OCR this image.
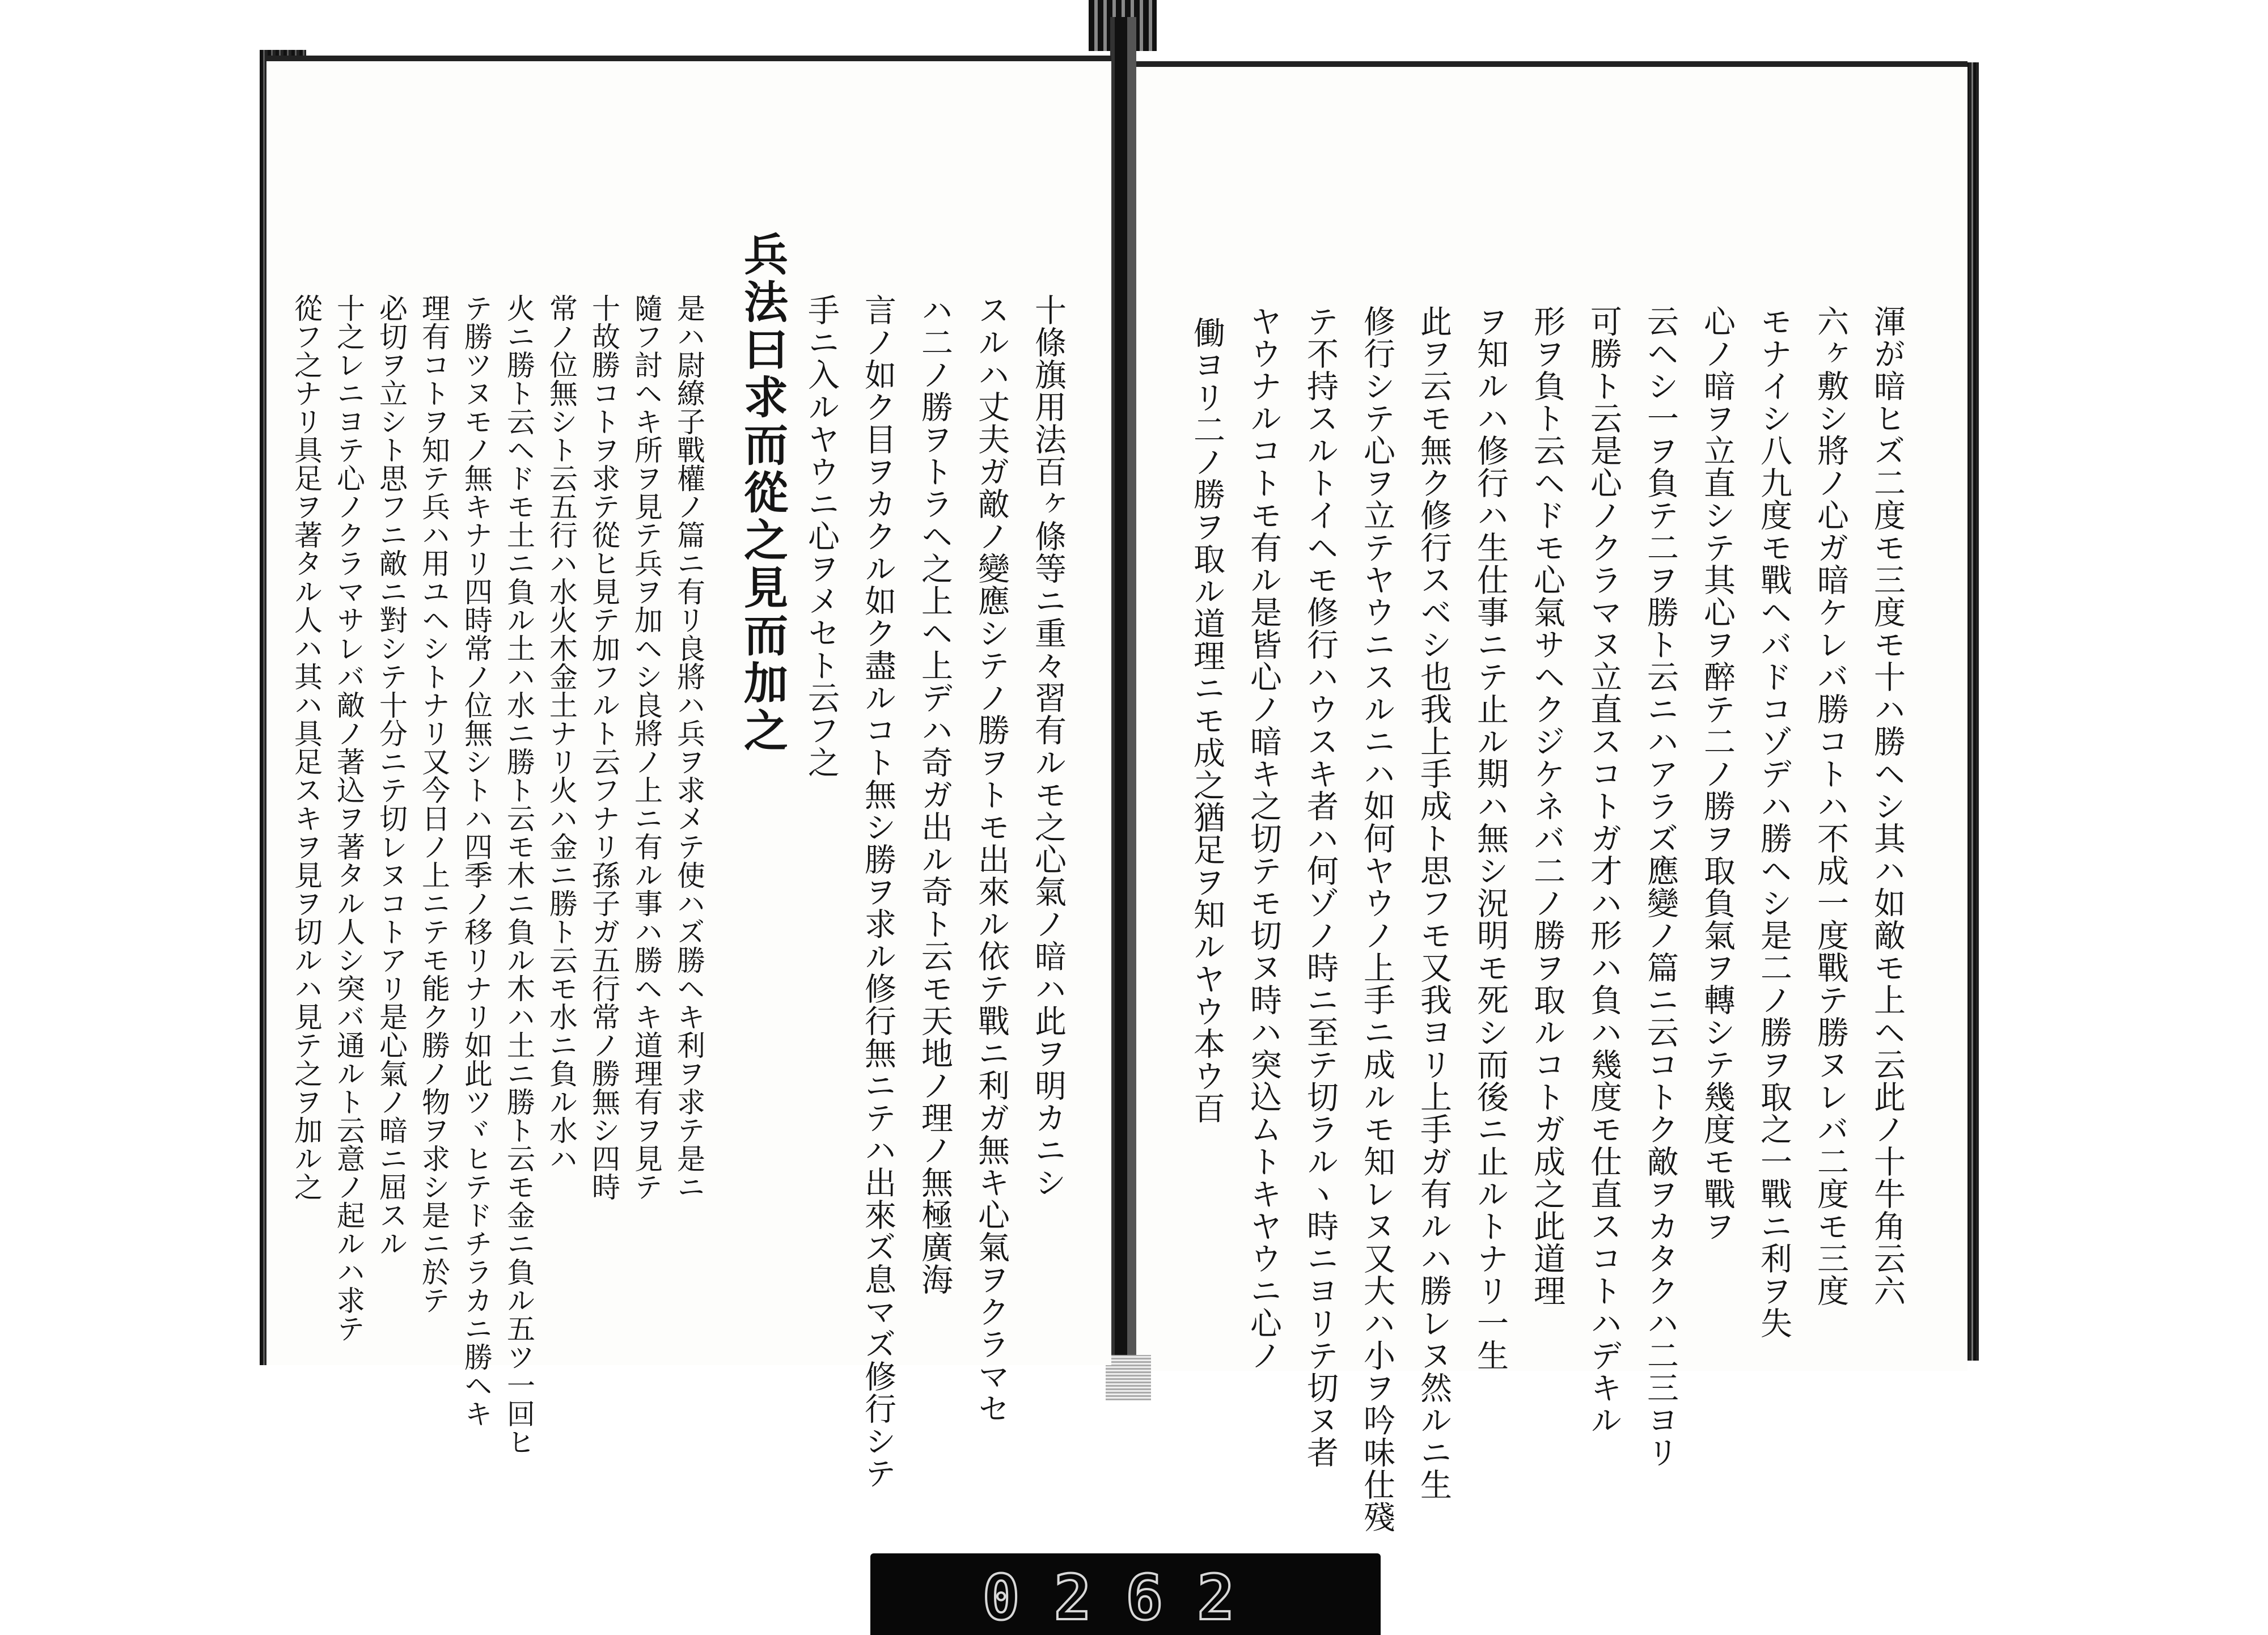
渾が暗ヒズ二度モ三度モ十ハ勝ヘシ其ハ如敵モ上ヘ云此ノ十牛角云六
六ヶ敷シ將ノ心ガ暗ケレバ勝コトハ不成一度戰テ勝ヌレバ二度モ三度
モナイシ八九度モ戰ヘバドコゾデハ勝ヘシ是二ノ勝ヲ取之一戰ニ利ヲ失
心ノ暗ヲ立直シテ其心ヲ醉テ二ノ勝ヲ取負氣ヲ轉シテ幾度モ戰ヲ
云ヘシ一ヲ負テ二ヲ勝ト云ニハアラズ應變ノ篇ニ云コトク敵ヲカタクハ二三ヨリ
可勝ト云是心ノクラマヌ立直スコトガ才ハ形ハ負ハ幾度モ仕直スコトハデキル
形ヲ負ト云ヘドモ心氣サヘクジケネバ二ノ勝ヲ取ルコトガ成之此道理
ヲ知ルハ修行ハ生仕事ニテ止ル期ハ無シ況明モ死シ而後ニ止ルトナリ一生
此ヲ云モ無ク修行スベシ也我上手成ト思フモ又我ヨリ上手ガ有ルハ勝レヌ然ルニ生
修行シテ心ヲ立テヤウニスルニハ如何ヤウノ上手ニ成ルモ知レヌ又大ハ小ヲ吟味仕殘
テ不持スルトイヘモ修行ハウスキ者ハ何ゾノ時ニ至テ切ラルヽ時ニヨリテ切ヌ者
ヤウナルコトモ有ル是皆心ノ暗キ之切テモ切ヌ時ハ突込ムトキヤウニ心ノ
働ヨリ二ノ勝ヲ取ル道理ニモ成之猶足ヲ知ルヤウ本ウ百
十條旗用法百ヶ條等ニ重々習有ルモ之心氣ノ暗ハ此ヲ明カニシ
スルハ丈夫ガ敵ノ變應シテノ勝ヲトモ出來ル依テ戰ニ利ガ無キ心氣ヲクラマセ
ハ二ノ勝ヲトラヘ之上ヘ上デハ奇ガ出ル奇ト云モ天地ノ理ノ無極廣海
言ノ如ク目ヲカクル如ク盡ルコト無シ勝ヲ求ル修行無ニテハ出來ズ息マズ修行シテ
手ニ入ルヤウニ心ヲメセト云フ之
兵法曰求而從之見而加之
是ハ尉繚子戰權ノ篇ニ有リ良將ハ兵ヲ求メテ使ハズ勝ヘキ利ヲ求テ是ニ
隨フ討ヘキ所ヲ見テ兵ヲ加ヘシ良將ノ上ニ有ル事ハ勝ヘキ道理有ヲ見テ
十故勝コトヲ求テ從ヒ見テ加フルト云フナリ孫子ガ五行常ノ勝無シ四時
常ノ位無シト云五行ハ水火木金土ナリ火ハ金ニ勝ト云モ水ニ負ル水ハ
火ニ勝ト云ヘドモ土ニ負ル土ハ水ニ勝ト云モ木ニ負ル木ハ土ニ勝ト云モ金ニ負ル五ツ一回ヒ
テ勝ツヌモノ無キナリ四時常ノ位無シトハ四季ノ移リナリ如此ツヾヒテドチラカニ勝ヘキ
理有コトヲ知テ兵ハ用ユヘシトナリ又今日ノ上ニテモ能ク勝ノ物ヲ求シ是ニ於テ
必切ヲ立シト思フニ敵ニ對シテ十分ニテ切レヌコトアリ是心氣ノ暗ニ屈スル
十之レニヨテ心ノクラマサレバ敵ノ著込ヲ著タル人シ突バ通ルト云意ノ起ルハ求テ
從フ之ナリ具足ヲ著タル人ハ其ハ具足スキヲ見ヲ切ルハ見テ之ヲ加ル之
0262
